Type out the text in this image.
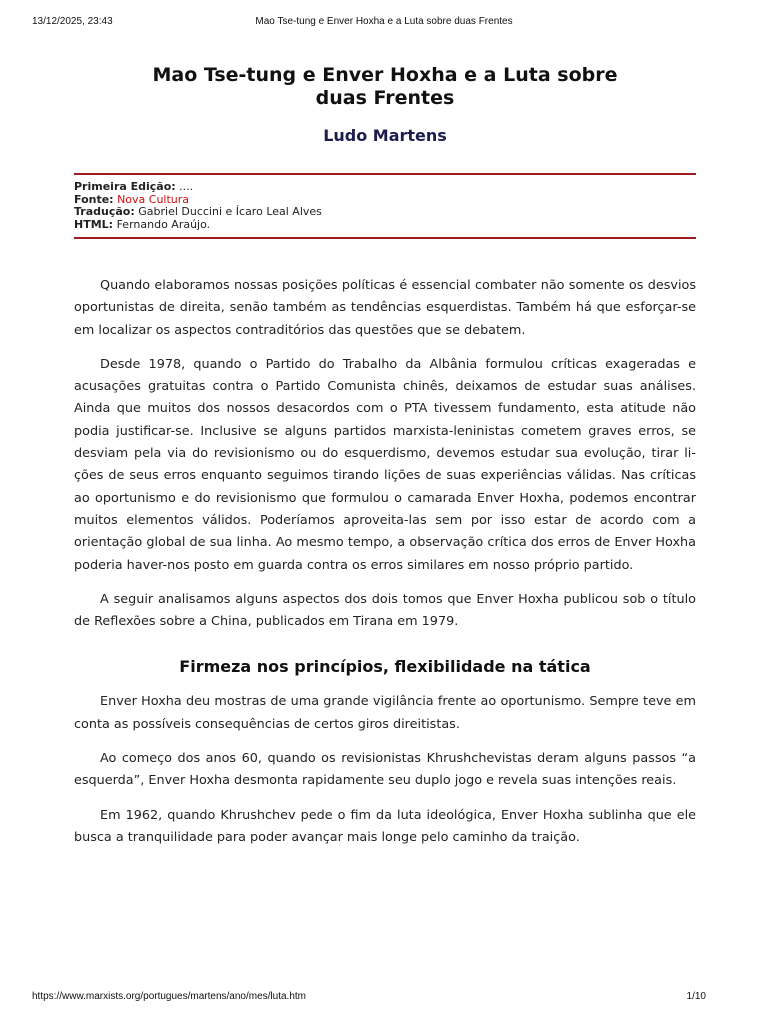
13/12/2025, 23:43	Mao Tse-tung e Enver Hoxha e a Luta sobre duas Frentes
Mao Tse-tung e Enver Hoxha e a Luta sobre duas Frentes
Ludo Martens
Primeira Edição: ....
Fonte: Nova Cultura
Tradução: Gabriel Duccini e Ícaro Leal Alves
HTML: Fernando Araújo.

Quando elaboramos nossas posições políticas é essencial combater não somente os desvios oportunistas de direita, senão também as tendências esquerdistas. Também há que esforçar-se em localizar os aspectos contraditórios das questões que se debatem.

Desde 1978, quando o Partido do Trabalho da Albânia formulou críticas exageradas e acusações gratuitas contra o Partido Comunista chinês, deixamos de estudar suas análises. Ainda que muitos dos nossos desacordos com o PTA tivessem fundamento, esta atitude não podia justificar-se. Inclusive se alguns partidos marxista-leninistas cometem graves erros, se desviam pela via do revisionismo ou do esquerdismo, devemos estudar sua evolução, tirar lições de seus erros enquanto seguimos tirando lições de suas experiências válidas. Nas críticas ao oportunismo e do revisionismo que formulou o camarada Enver Hoxha, podemos encontrar muitos elementos válidos. Poderíamos aproveita-las sem por isso estar de acordo com a orientação global de sua linha. Ao mesmo tempo, a observação crítica dos erros de Enver Hoxha poderia haver-nos posto em guarda contra os erros similares em nosso próprio partido.

A seguir analisamos alguns aspectos dos dois tomos que Enver Hoxha publicou sob o título de Reflexões sobre a China, publicados em Tirana em 1979.

Firmeza nos princípios, flexibilidade na tática

Enver Hoxha deu mostras de uma grande vigilância frente ao oportunismo. Sempre teve em conta as possíveis consequências de certos giros direitistas.

Ao começo dos anos 60, quando os revisionistas Khrushchevistas deram alguns passos “a esquerda”, Enver Hoxha desmonta rapidamente seu duplo jogo e revela suas intenções reais.

Em 1962, quando Khrushchev pede o fim da luta ideológica, Enver Hoxha sublinha que ele busca a tranquilidade para poder avançar mais longe pelo caminho da traição.

https://www.marxists.org/portugues/martens/ano/mes/luta.htm	1/10
